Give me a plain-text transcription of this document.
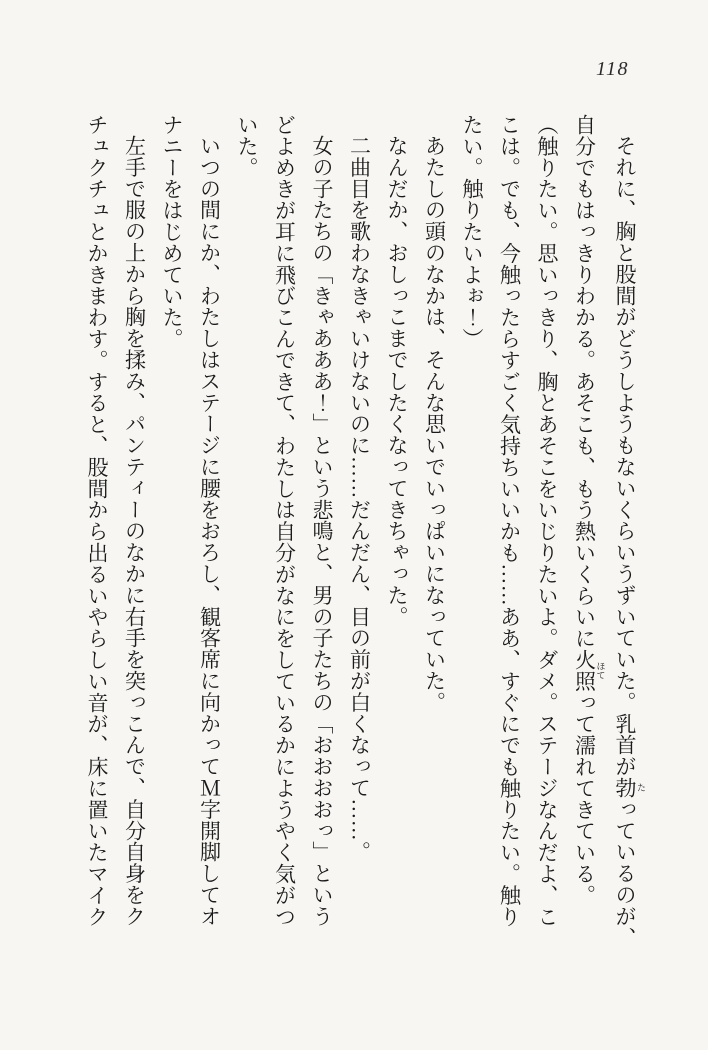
118
それに、胸と股間がどうしようもないくらいうずいていた。乳首が勃 たっているのが、
自分でもはっきりわかる。あそこも、もう熱いくらいに火照 ほてって濡れてきている。
（触りたい。思いっきり、胸とあそこをいじりたいよ。ダメ。ステージなんだよ、こ
こは。でも、今触ったらすごく気持ちいいかも……ああ、すぐにでも触りたい。触り
たい。触りたいよぉ！）
あたしの頭のなかは、そんな思いでいっぱいになっていた。
なんだか、おしっこまでしたくなってきちゃった。
二曲目を歌わなきゃいけないのに……だんだん、目の前が白くなって……。
女の子たちの「きゃあああ！」という悲鳴と、男の子たちの「おおおおっ」という
どよめきが耳に飛びこんできて、わたしは自分がなにをしているかにようやく気がつ
いた。
いつの間にか、わたしはステージに腰をおろし、観客席に向かってＭ字開脚してオ
ナニーをはじめていた。
左手で服の上から胸を揉み、パンティーのなかに右手を突っこんで、自分自身をク
チュクチュとかきまわす。すると、股間から出るいやらしい音が、床に置いたマイク
